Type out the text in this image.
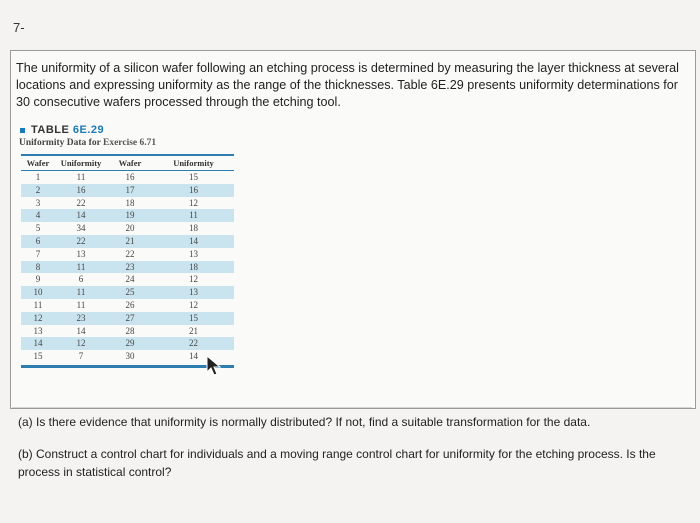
7-
The uniformity of a silicon wafer following an etching process is determined by measuring the layer thickness at several locations and expressing uniformity as the range of the thicknesses. Table 6E.29 presents uniformity determinations for 30 consecutive wafers processed through the etching tool.
TABLE 6E.29
Uniformity Data for Exercise 6.71
Wafer	Uniformity	Wafer	Uniformity
1	11	16	15
2	16	17	16
3	22	18	12
4	14	19	11
5	34	20	18
6	22	21	14
7	13	22	13
8	11	23	18
9	6	24	12
10	11	25	13
11	11	26	12
12	23	27	15
13	14	28	21
14	12	29	22
15	7	30	14
(a) Is there evidence that uniformity is normally distributed? If not, find a suitable transformation for the data.
(b) Construct a control chart for individuals and a moving range control chart for uniformity for the etching process. Is the process in statistical control?
